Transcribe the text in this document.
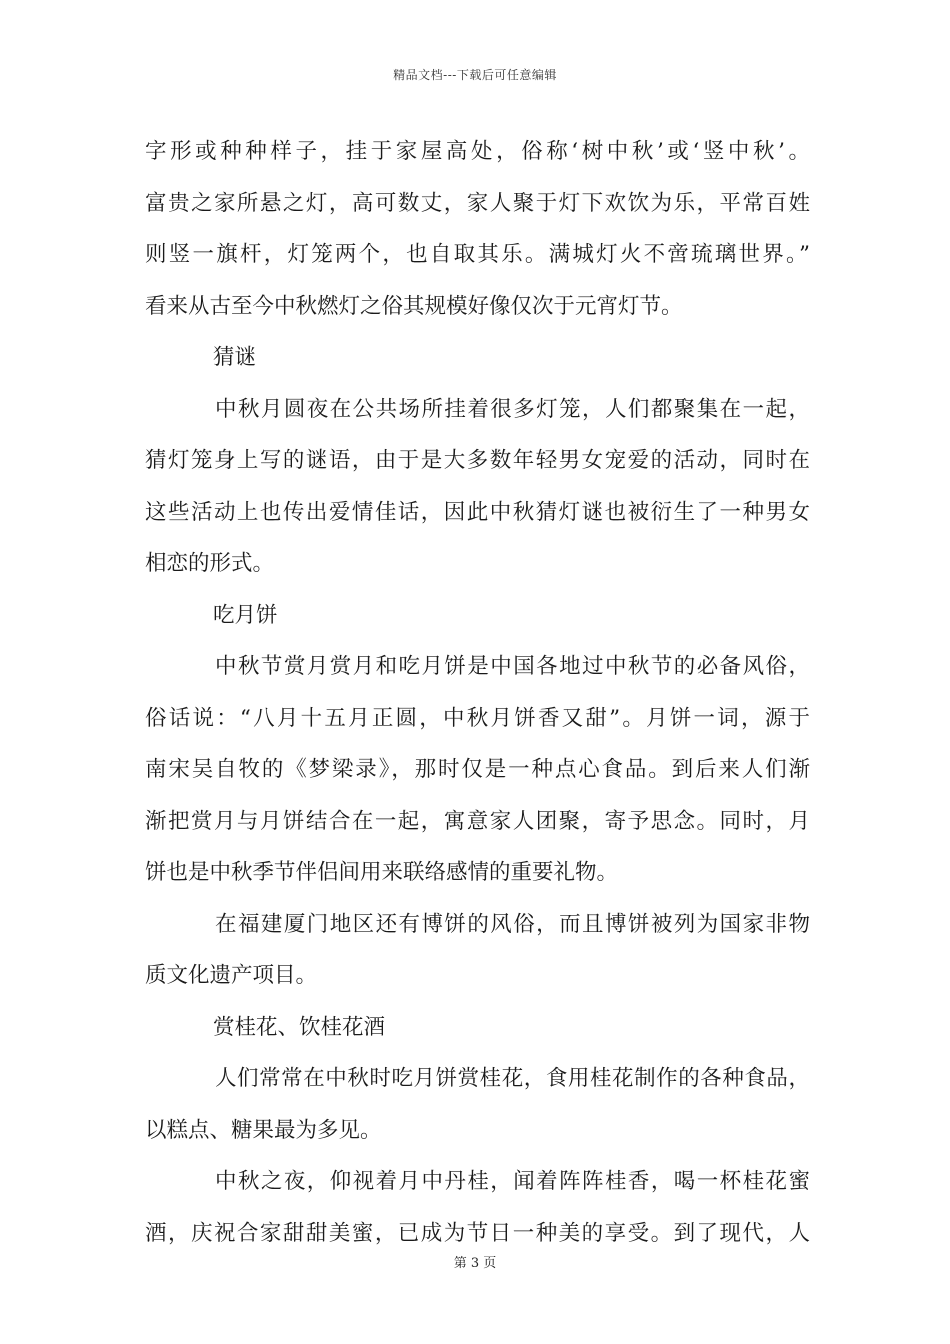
精品文档---下载后可任意编辑
字形或种种样子，挂于家屋高处，俗称‘树中秋’或‘竖中秋’。
富贵之家所悬之灯，高可数丈，家人聚于灯下欢饮为乐，平常百姓
则竖一旗杆，灯笼两个，也自取其乐。满城灯火不啻琉璃世界。”
看来从古至今中秋燃灯之俗其规模好像仅次于元宵灯节。
猜谜
中秋月圆夜在公共场所挂着很多灯笼，人们都聚集在一起，
猜灯笼身上写的谜语，由于是大多数年轻男女宠爱的活动，同时在
这些活动上也传出爱情佳话，因此中秋猜灯谜也被衍生了一种男女
相恋的形式。
吃月饼
中秋节赏月赏月和吃月饼是中国各地过中秋节的必备风俗，
俗话说：“八月十五月正圆，中秋月饼香又甜”。月饼一词，源于
南宋吴自牧的《梦梁录》，那时仅是一种点心食品。到后来人们渐
渐把赏月与月饼结合在一起，寓意家人团聚，寄予思念。同时，月
饼也是中秋季节伴侣间用来联络感情的重要礼物。
在福建厦门地区还有博饼的风俗，而且博饼被列为国家非物
质文化遗产项目。
赏桂花、饮桂花酒
人们常常在中秋时吃月饼赏桂花，食用桂花制作的各种食品，
以糕点、糖果最为多见。
中秋之夜，仰视着月中丹桂，闻着阵阵桂香，喝一杯桂花蜜
酒，庆祝合家甜甜美蜜，已成为节日一种美的享受。到了现代，人
第 3 页
